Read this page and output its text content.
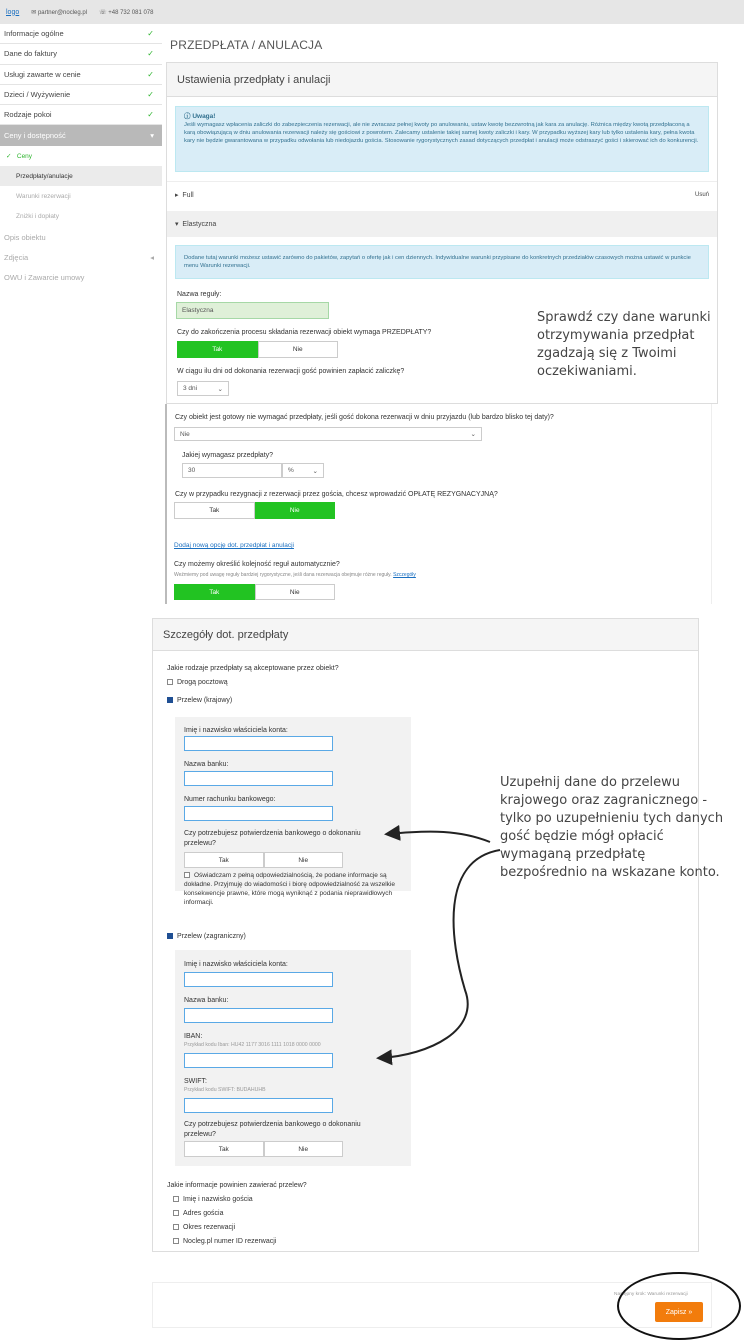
logo ✉ partner@nocleg.pl ☏ +48 732 081 078
Informacje ogólne	✓
Dane do faktury	✓
Usługi zawarte w cenie	✓
Dzieci / Wyżywienie	✓
Rodzaje pokoi	✓
Ceny i dostępność	▾
✓ Ceny
Przedpłaty/anulacje
Warunki rezerwacji
Zniżki i dopłaty
Opis obiektu
Zdjęcia	◂
OWU i Zawarcie umowy
PRZEDPŁATA / ANULACJA
Ustawienia przedpłaty i anulacji
ⓘ Uwaga!
Jeśli wymagasz wpłacenia zaliczki do zabezpieczenia rezerwacji, ale nie zwracasz pełnej kwoty po anulowaniu, ustaw kwotę bezzwrotną jak kara za anulację. Różnica między kwotą przedpłaconą a karą obowiązującą w dniu anulowania rezerwacji należy się gościowi z powrotem. Zalecamy ustalenie takiej samej kwoty zaliczki i kary. W przypadku wyższej kary lub tylko ustalenia kary, pełna kwota kary nie będzie gwarantowana w przypadku odwołania lub niedojazdu gościa. Stosowanie rygorystycznych zasad dotyczących przedpłat i anulacji może odstraszyć gości i skierować ich do konkurencji.
▸ Full	Usuń
▾ Elastyczna
Dodane tutaj warunki możesz ustawić zarówno do pakietów, zapytań o ofertę jak i cen dziennych. Indywidualne warunki przypisane do konkretnych przedziałów czasowych można ustawić w punkcie menu Warunki rezerwacji.
Nazwa reguły:
Elastyczna
Czy do zakończenia procesu składania rezerwacji obiekt wymaga PRZEDPŁATY?
Tak	Nie
W ciągu ilu dni od dokonania rezerwacji gość powinien zapłacić zaliczkę?
3 dni	⌄
Sprawdź czy dane warunki otrzymywania przedpłat zgadzają się z Twoimi oczekiwaniami.
Czy obiekt jest gotowy nie wymagać przedpłaty, jeśli gość dokona rezerwacji w dniu przyjazdu (lub bardzo blisko tej daty)?
Nie	⌄
Jakiej wymagasz przedpłaty?
30	%	⌄
Czy w przypadku rezygnacji z rezerwacji przez gościa, chcesz wprowadzić OPŁATĘ REZYGNACYJNĄ?
Tak	Nie
Dodaj nową opcję dot. przedpłat i anulacji
Czy możemy określić kolejność reguł automatycznie?
Weźmiemy pod uwagę reguły bardziej rygorystyczne, jeśli dana rezerwacja obejmuje różne reguły. Szczegóły
Tak	Nie
Szczegóły dot. przedpłaty
Jakie rodzaje przedpłaty są akceptowane przez obiekt?
Drogą pocztową
Przelew (krajowy)
Imię i nazwisko właściciela konta:
Nazwa banku:
Numer rachunku bankowego:
Czy potrzebujesz potwierdzenia bankowego o dokonaniu przelewu?
Tak	Nie
Oświadczam z pełną odpowiedzialnością, że podane informacje są dokładne. Przyjmuję do wiadomości i biorę odpowiedzialność za wszelkie konsekwencje prawne, które mogą wyniknąć z podania nieprawidłowych informacji.
Przelew (zagraniczny)
Imię i nazwisko właściciela konta:
Nazwa banku:
IBAN:
Przykład kodu Iban: HU42 1177 3016 1111 1018 0000 0000
SWIFT:
Przykład kodu SWIFT: BUDAHUHB
Czy potrzebujesz potwierdzenia bankowego o dokonaniu przelewu?
Tak	Nie
Jakie informacje powinien zawierać przelew?
Imię i nazwisko gościa
Adres gościa
Okres rezerwacji
Nocleg.pl numer ID rezerwacji
Uzupełnij dane do przelewu krajowego oraz zagranicznego - tylko po uzupełnieniu tych danych gość będzie mógł opłacić wymaganą przedpłatę bezpośrednio na wskazane konto.
Następny krok: Warunki rezerwacji
Zapisz »
